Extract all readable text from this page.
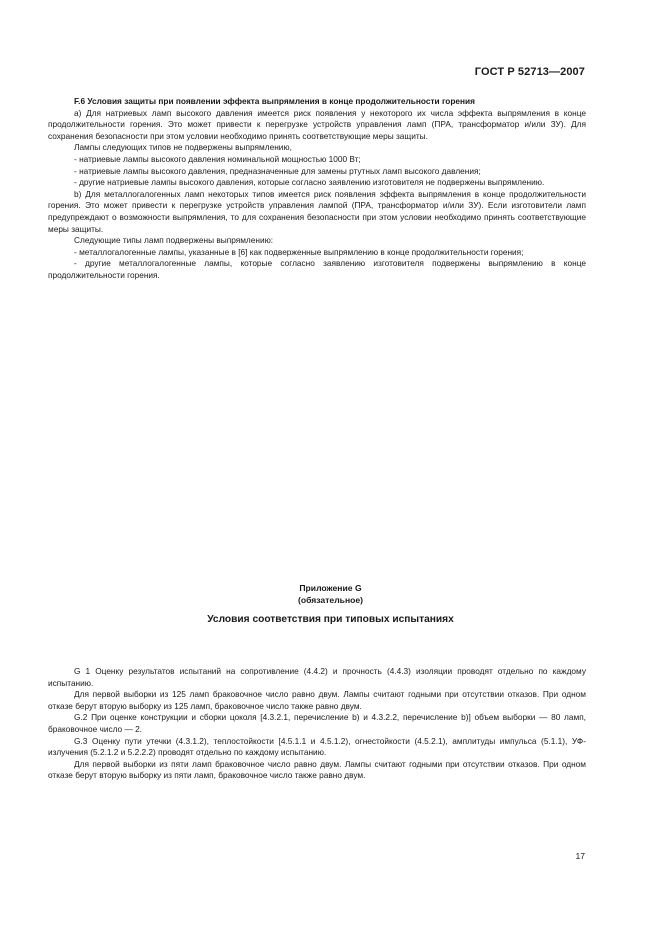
ГОСТ Р 52713—2007

F.6 Условия защиты при появлении эффекта выпрямления в конце продолжительности горения

а) Для натриевых ламп высокого давления имеется риск появления у некоторого их числа эффекта выпрямления в конце продолжительности горения. Это может привести к перегрузке устройств управления ламп (ПРА, трансформатор и/или ЗУ). Для сохранения безопасности при этом условии необходимо принять соответствующие меры защиты.

Лампы следующих типов не подвержены выпрямлению,

- натриевые лампы высокого давления номинальной мощностью 1000 Вт;

- натриевые лампы высокого давления, предназначенные для замены ртутных ламп высокого давления;

- другие натриевые лампы высокого давления, которые согласно заявлению изготовителя не подвержены выпрямлению.

b) Для металлогалогенных ламп некоторых типов имеется риск появления эффекта выпрямления в конце продолжительности горения. Это может привести к перегрузке устройств управления лампой (ПРА, трансформатор и/или ЗУ). Если изготовители ламп предупреждают о возможности выпрямления, то для сохранения безопасности при этом условии необходимо принять соответствующие меры защиты.

Следующие типы ламп подвержены выпрямлению:

- металлогалогенные лампы, указанные в [6] как подверженные выпрямлению в конце продолжительности горения;

- другие металлогалогенные лампы, которые согласно заявлению изготовителя подвержены выпрямлению в конце продолжительности горения.

Приложение G
(обязательное)
Условия соответствия при типовых испытаниях

G 1 Оценку результатов испытаний на сопротивление (4.4.2) и прочность (4.4.3) изоляции проводят отдельно по каждому испытанию.

Для первой выборки из 125 ламп браковочное число равно двум. Лампы считают годными при отсутствии отказов. При одном отказе берут вторую выборку из 125 ламп, браковочное число также равно двум.

G.2 При оценке конструкции и сборки цоколя [4.3.2.1, перечисление b) и 4.3.2.2, перечисление b)] объем выборки — 80 ламп, браковочное число — 2.

G.3 Оценку пути утечки (4.3.1.2), теплостойкости [4.5.1.1 и 4.5.1.2), огнестойкости (4.5.2.1), амплитуды импульса (5.1.1), УФ-излучения (5.2.1.2 и 5.2.2.2) проводят отдельно по каждому испытанию.

Для первой выборки из пяти ламп браковочное число равно двум. Лампы считают годными при отсутствии отказов. При одном отказе берут вторую выборку из пяти ламп, браковочное число также равно двум.

17
